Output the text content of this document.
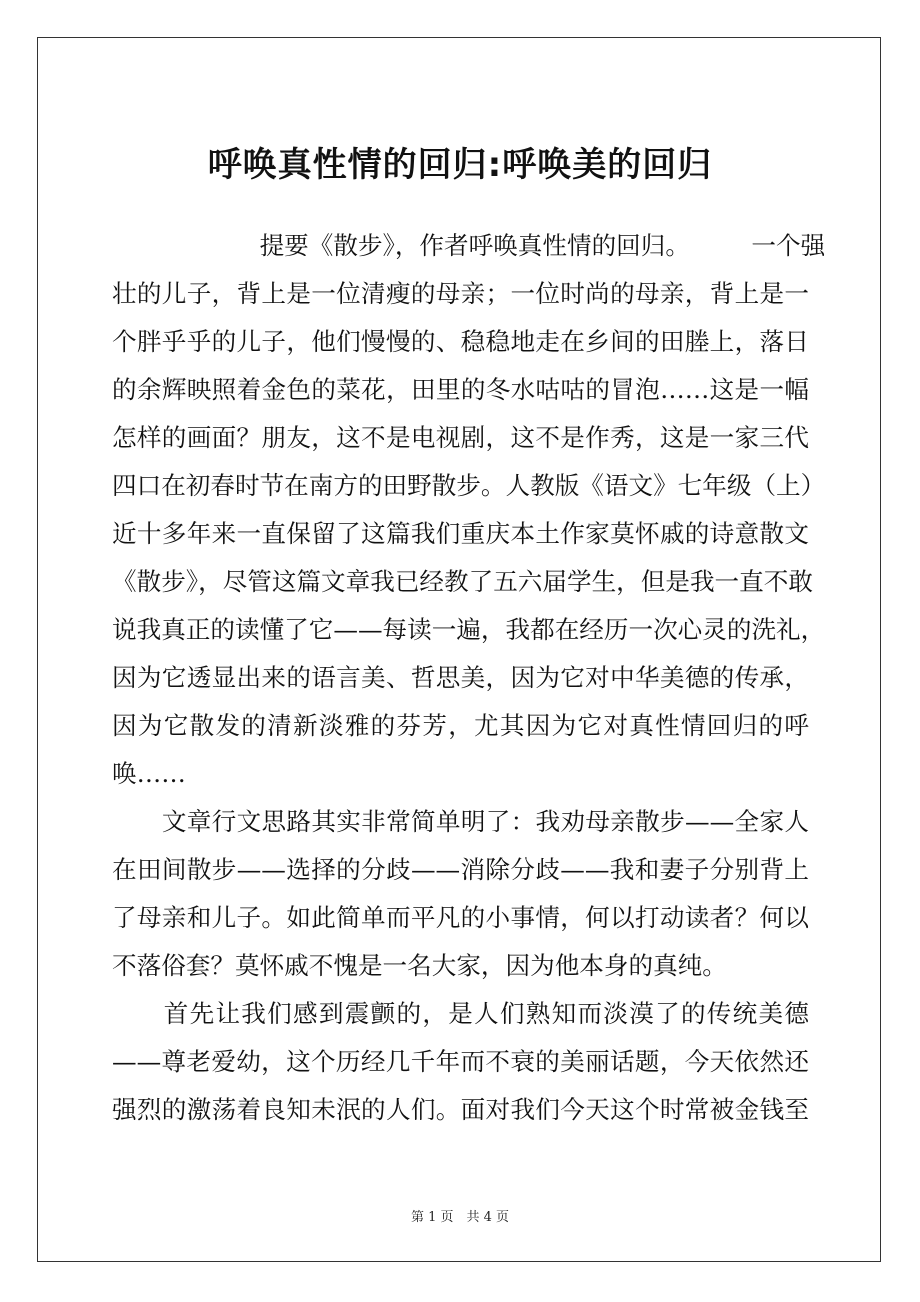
呼唤真性情的回归:呼唤美的回归
　　　　　　提要《散步》，作者呼唤真性情的回归。　　　一个强
壮的儿子，背上是一位清瘦的母亲；一位时尚的母亲，背上是一
个胖乎乎的儿子，他们慢慢的、稳稳地走在乡间的田塍上，落日
的余辉映照着金色的菜花，田里的冬水咕咕的冒泡……这是一幅
怎样的画面？朋友，这不是电视剧，这不是作秀，这是一家三代
四口在初春时节在南方的田野散步。人教版《语文》七年级（上）
近十多年来一直保留了这篇我们重庆本土作家莫怀戚的诗意散文
《散步》，尽管这篇文章我已经教了五六届学生，但是我一直不敢
说我真正的读懂了它——每读一遍，我都在经历一次心灵的洗礼，
因为它透显出来的语言美、哲思美，因为它对中华美德的传承，
因为它散发的清新淡雅的芬芳，尤其因为它对真性情回归的呼
唤……
　　文章行文思路其实非常简单明了：我劝母亲散步——全家人
在田间散步——选择的分歧——消除分歧——我和妻子分别背上
了母亲和儿子。如此简单而平凡的小事情，何以打动读者？何以
不落俗套？莫怀戚不愧是一名大家，因为他本身的真纯。
　　首先让我们感到震颤的，是人们熟知而淡漠了的传统美德
——尊老爱幼，这个历经几千年而不衰的美丽话题，今天依然还
强烈的激荡着良知未泯的人们。面对我们今天这个时常被金钱至
第 1 页　共 4 页
